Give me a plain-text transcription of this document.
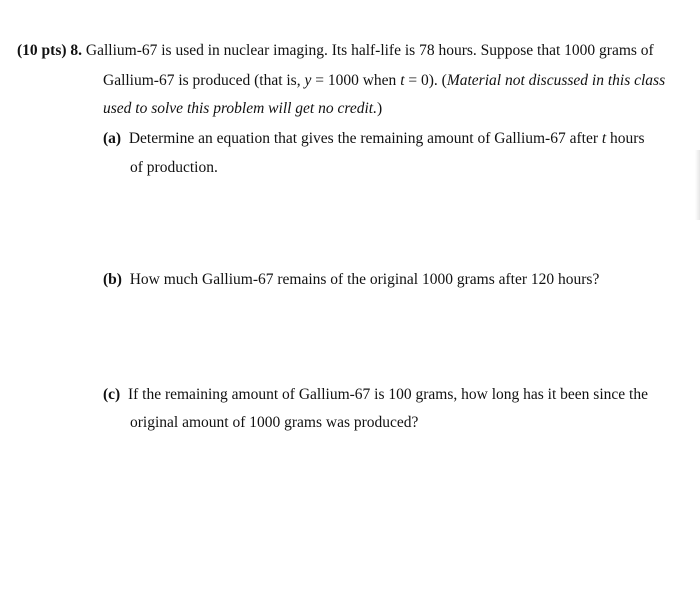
(10 pts) 8. Gallium-67 is used in nuclear imaging. Its half-life is 78 hours. Suppose that 1000 grams of
Gallium-67 is produced (that is, y = 1000 when t = 0). (Material not discussed in this class
used to solve this problem will get no credit.)
(a) Determine an equation that gives the remaining amount of Gallium-67 after t hours
of production.
(b) How much Gallium-67 remains of the original 1000 grams after 120 hours?
(c) If the remaining amount of Gallium-67 is 100 grams, how long has it been since the
original amount of 1000 grams was produced?
